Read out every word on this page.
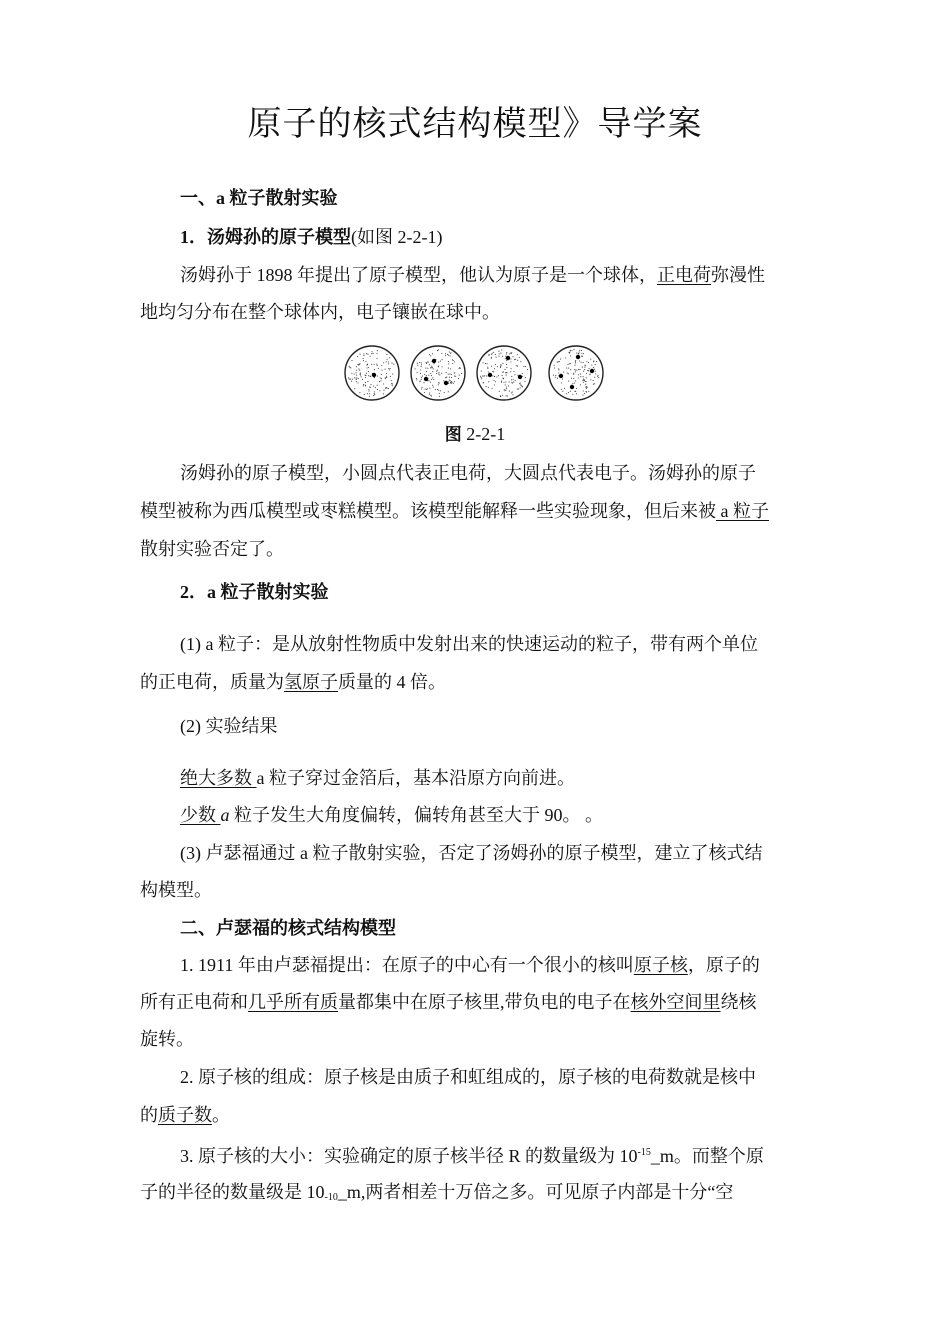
原子的核式结构模型》导学案
一、a 粒子散射实验
1．汤姆孙的原子模型(如图 2-2-1)
汤姆孙于 1898 年提出了原子模型，他认为原子是一个球体，正电荷弥漫性
地均匀分布在整个球体内，电子镶嵌在球中。
图 2-2-1
汤姆孙的原子模型，小圆点代表正电荷，大圆点代表电子。汤姆孙的原子
模型被称为西瓜模型或枣糕模型。该模型能解释一些实验现象，但后来被 a 粒子
散射实验否定了。
2．a 粒子散射实验
(1) a 粒子：是从放射性物质中发射出来的快速运动的粒子，带有两个单位
的正电荷，质量为氢原子质量的 4 倍。
(2) 实验结果
绝大多数 a 粒子穿过金箔后，基本沿原方向前进。
少数 a 粒子发生大角度偏转，偏转角甚至大于 90。 。
(3) 卢瑟福通过 a 粒子散射实验，否定了汤姆孙的原子模型，建立了核式结
构模型。
二、卢瑟福的核式结构模型
1. 1911 年由卢瑟福提出：在原子的中心有一个很小的核叫原子核，原子的
所有正电荷和几乎所有质量都集中在原子核里,带负电的电子在核外空间里绕核
旋转。
2. 原子核的组成：原子核是由质子和虹组成的，原子核的电荷数就是核中
的质子数。
3. 原子核的大小：实验确定的原子核半径 R 的数量级为 $10^{-15}\_m$。而整个原
子的半径的数量级是 $10_{-10}\_m$,两者相差十万倍之多。可见原子内部是十分“空
